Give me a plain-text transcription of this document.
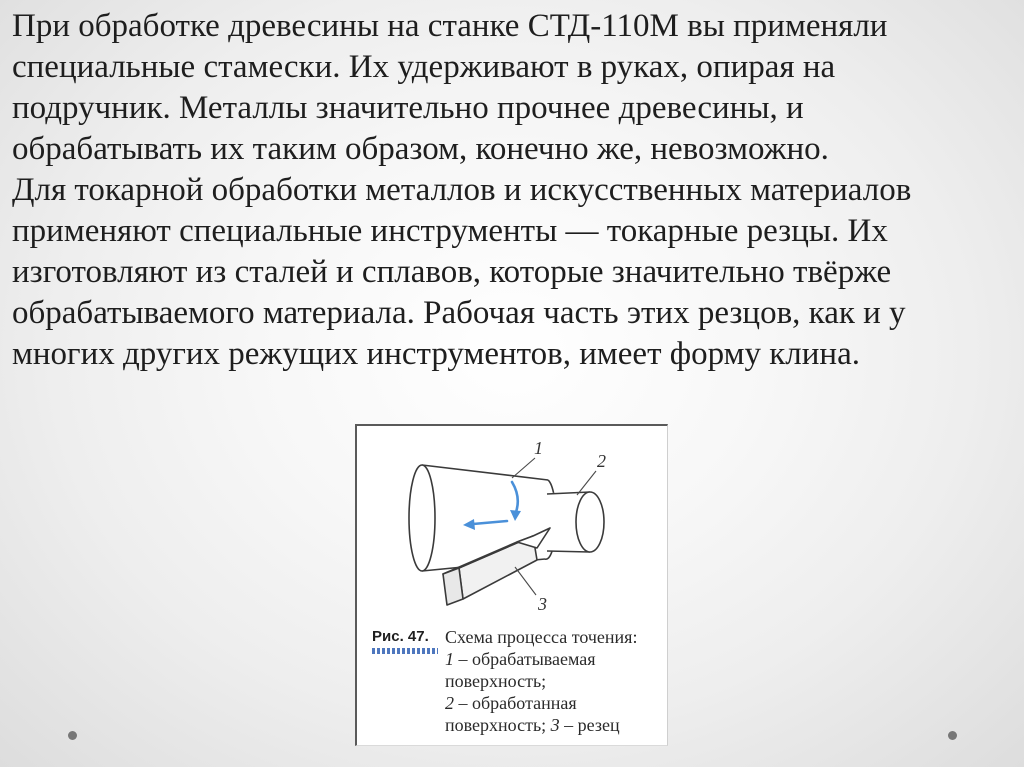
При обработке древесины на станке СТД-110М вы применяли
специальные стамески. Их удерживают в руках, опирая на
подручник. Металлы значительно прочнее древесины, и
обрабатывать их таким образом, конечно же, невозможно.
Для токарной обработки металлов и искусственных материалов
применяют специальные инструменты — токарные резцы. Их
изготовляют из сталей и сплавов, которые значительно твёрже
обрабатываемого материала. Рабочая часть этих резцов, как и у
многих других режущих инструментов, имеет форму клина.
1
2
3
Рис. 47. Схема процесса точения:
1 – обрабатываемая
поверхность;
2 – обработанная
поверхность; 3 – резец
